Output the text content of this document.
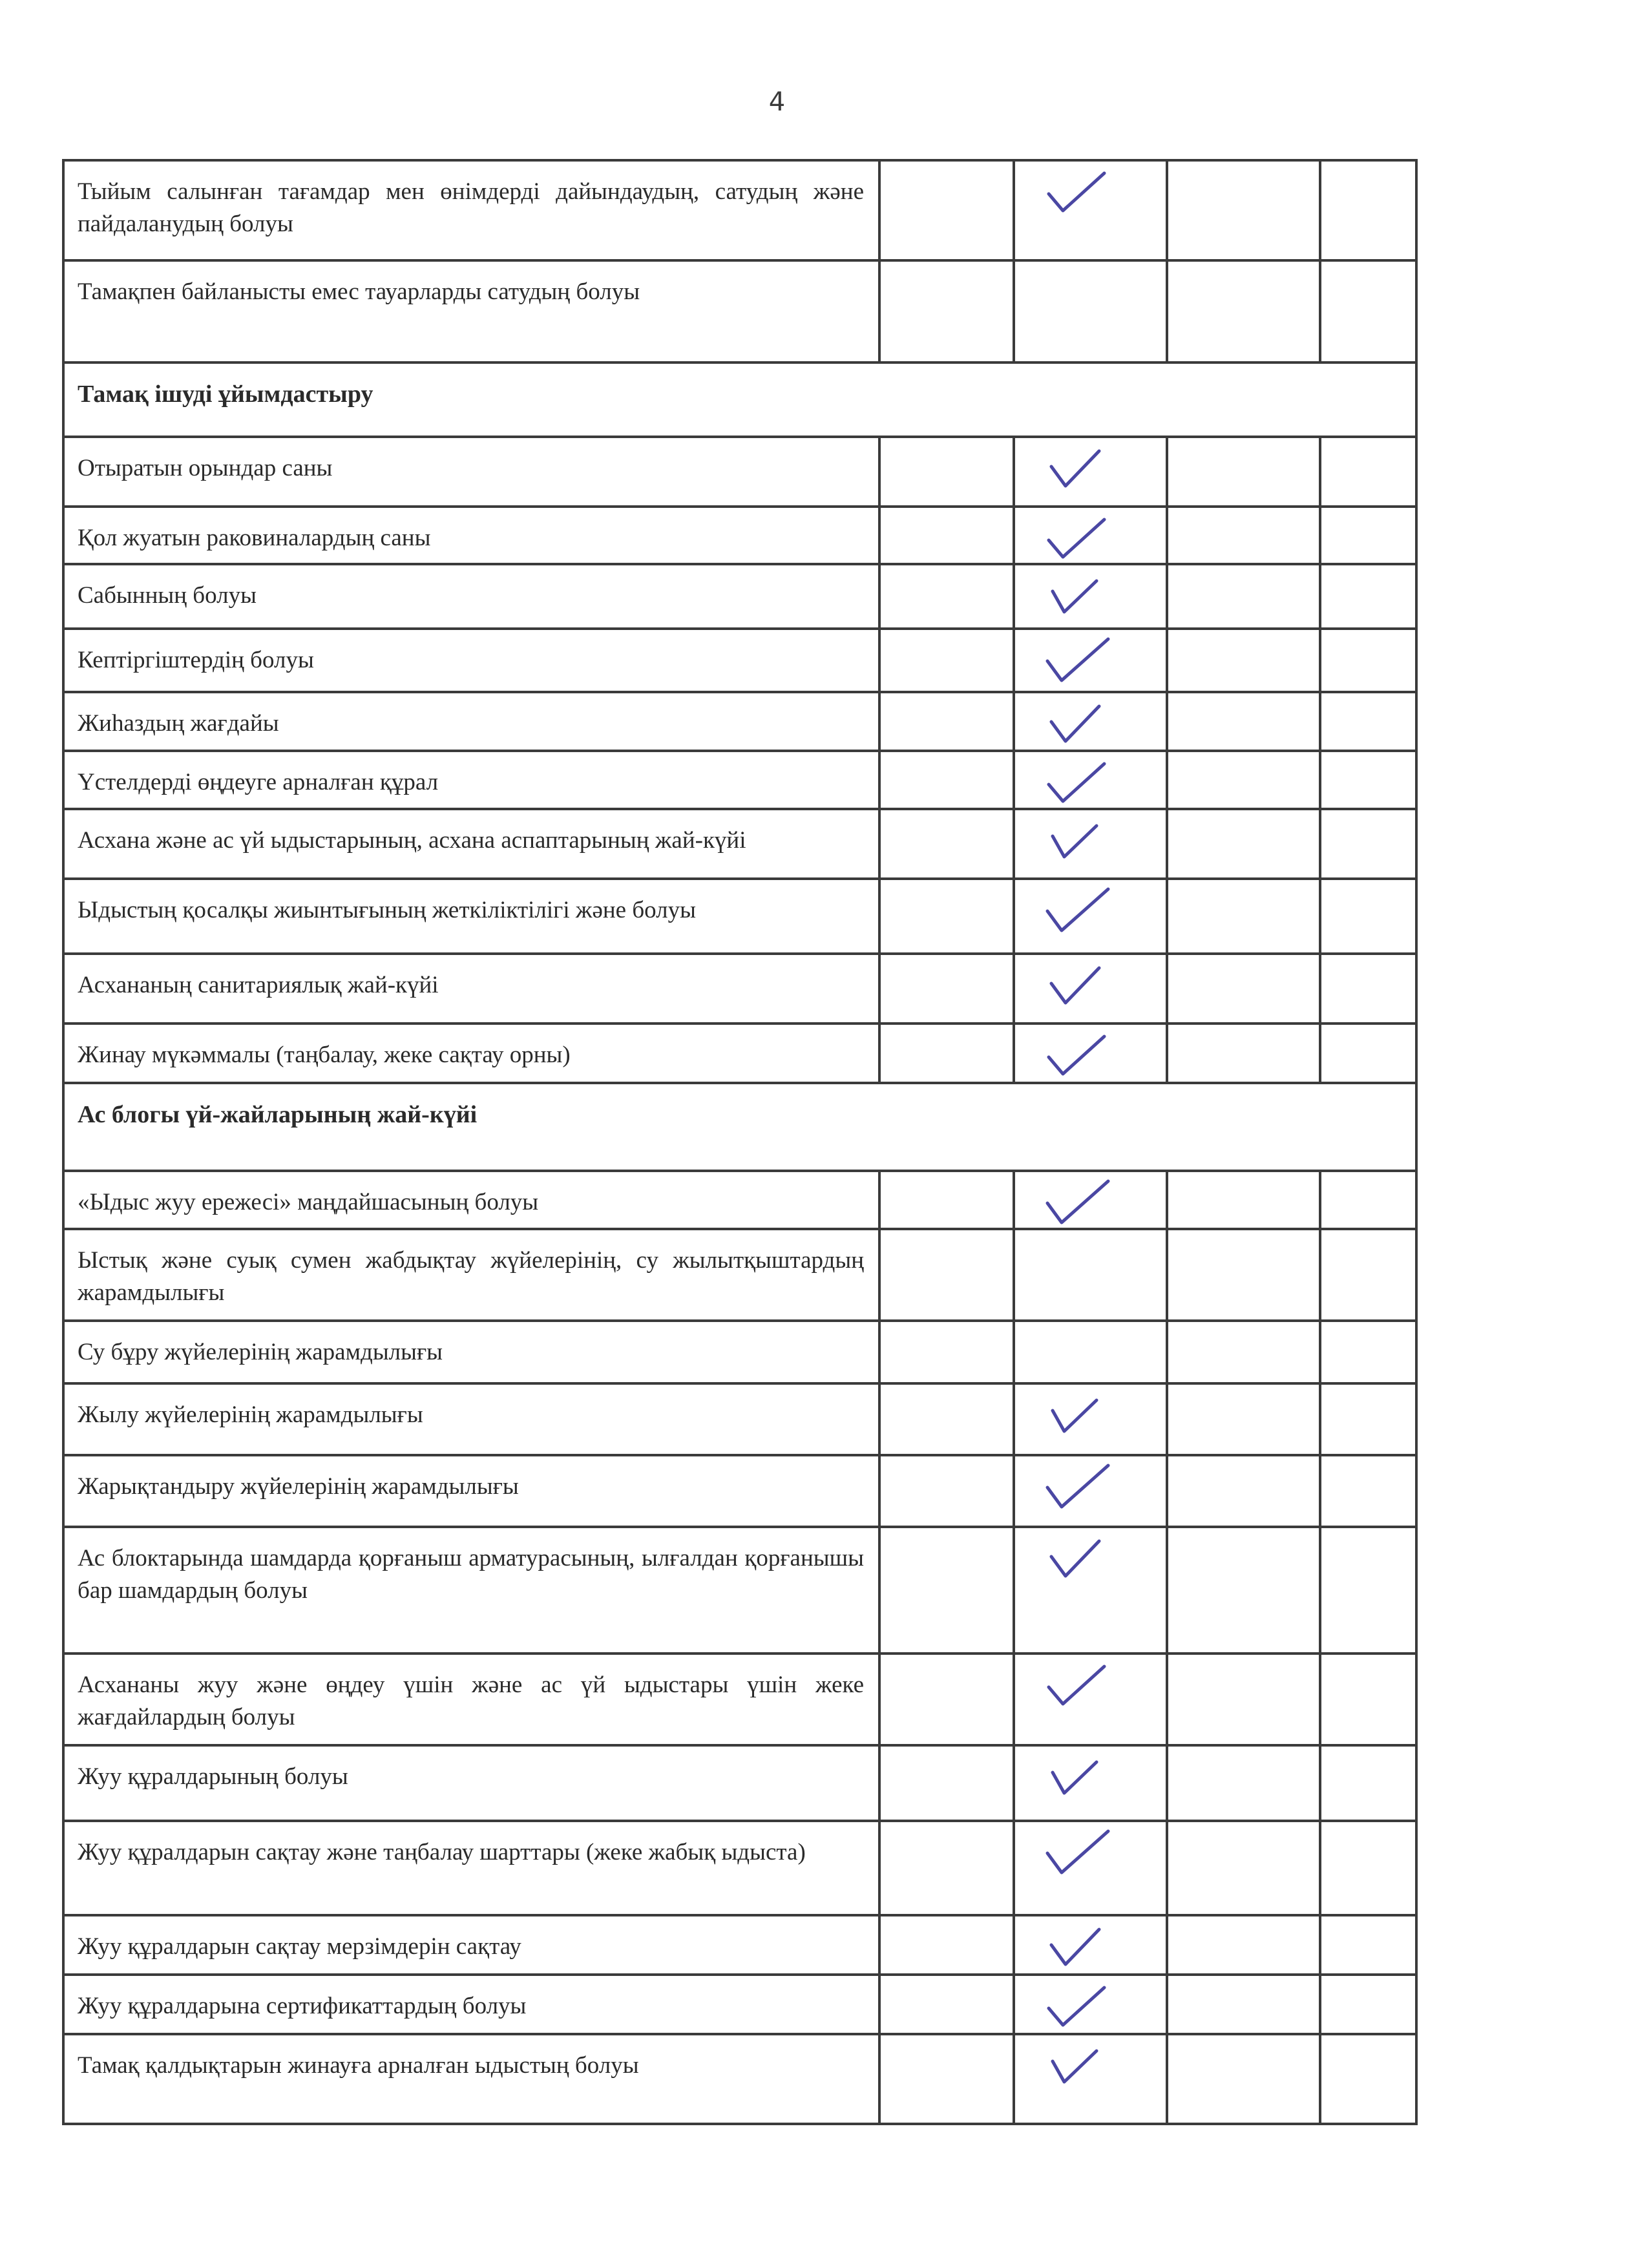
4
Тыйым салынған тағамдар мен өнімдерді дайындаудың, сатудың және пайдаланудың болуы
Тамақпен байланысты емес тауарларды сатудың болуы
Тамақ ішуді ұйымдастыру
Отыратын орындар саны
Қол жуатын раковиналардың саны
Сабынның болуы
Кептіргіштердің болуы
Жиһаздың жағдайы
Үстелдерді өңдеуге арналған құрал
Асхана және ас үй ыдыстарының, асхана аспаптарының жай-күйі
Ыдыстың қосалқы жиынтығының жеткіліктілігі және болуы
Асхананың санитариялық жай-күйі
Жинау мүкәммалы (таңбалау, жеке сақтау орны)
Ас блогы үй-жайларының жай-күйі
«Ыдыс жуу ережесі» маңдайшасының болуы
Ыстық және суық сумен жабдықтау жүйелерінің, су жылытқыштардың жарамдылығы
Су бұру жүйелерінің жарамдылығы
Жылу жүйелерінің жарамдылығы
Жарықтандыру жүйелерінің жарамдылығы
Ас блоктарында шамдарда қорғаныш арматурасының, ылғалдан қорғанышы бар шамдардың болуы
Асхананы жуу және өңдеу үшін және ас үй ыдыстары үшін жеке жағдайлардың болуы
Жуу құралдарының болуы
Жуу құралдарын сақтау және таңбалау шарттары (жеке жабық ыдыста)
Жуу құралдарын сақтау мерзімдерін сақтау
Жуу құралдарына сертификаттардың болуы
Тамақ қалдықтарын жинауға арналған ыдыстың болуы
